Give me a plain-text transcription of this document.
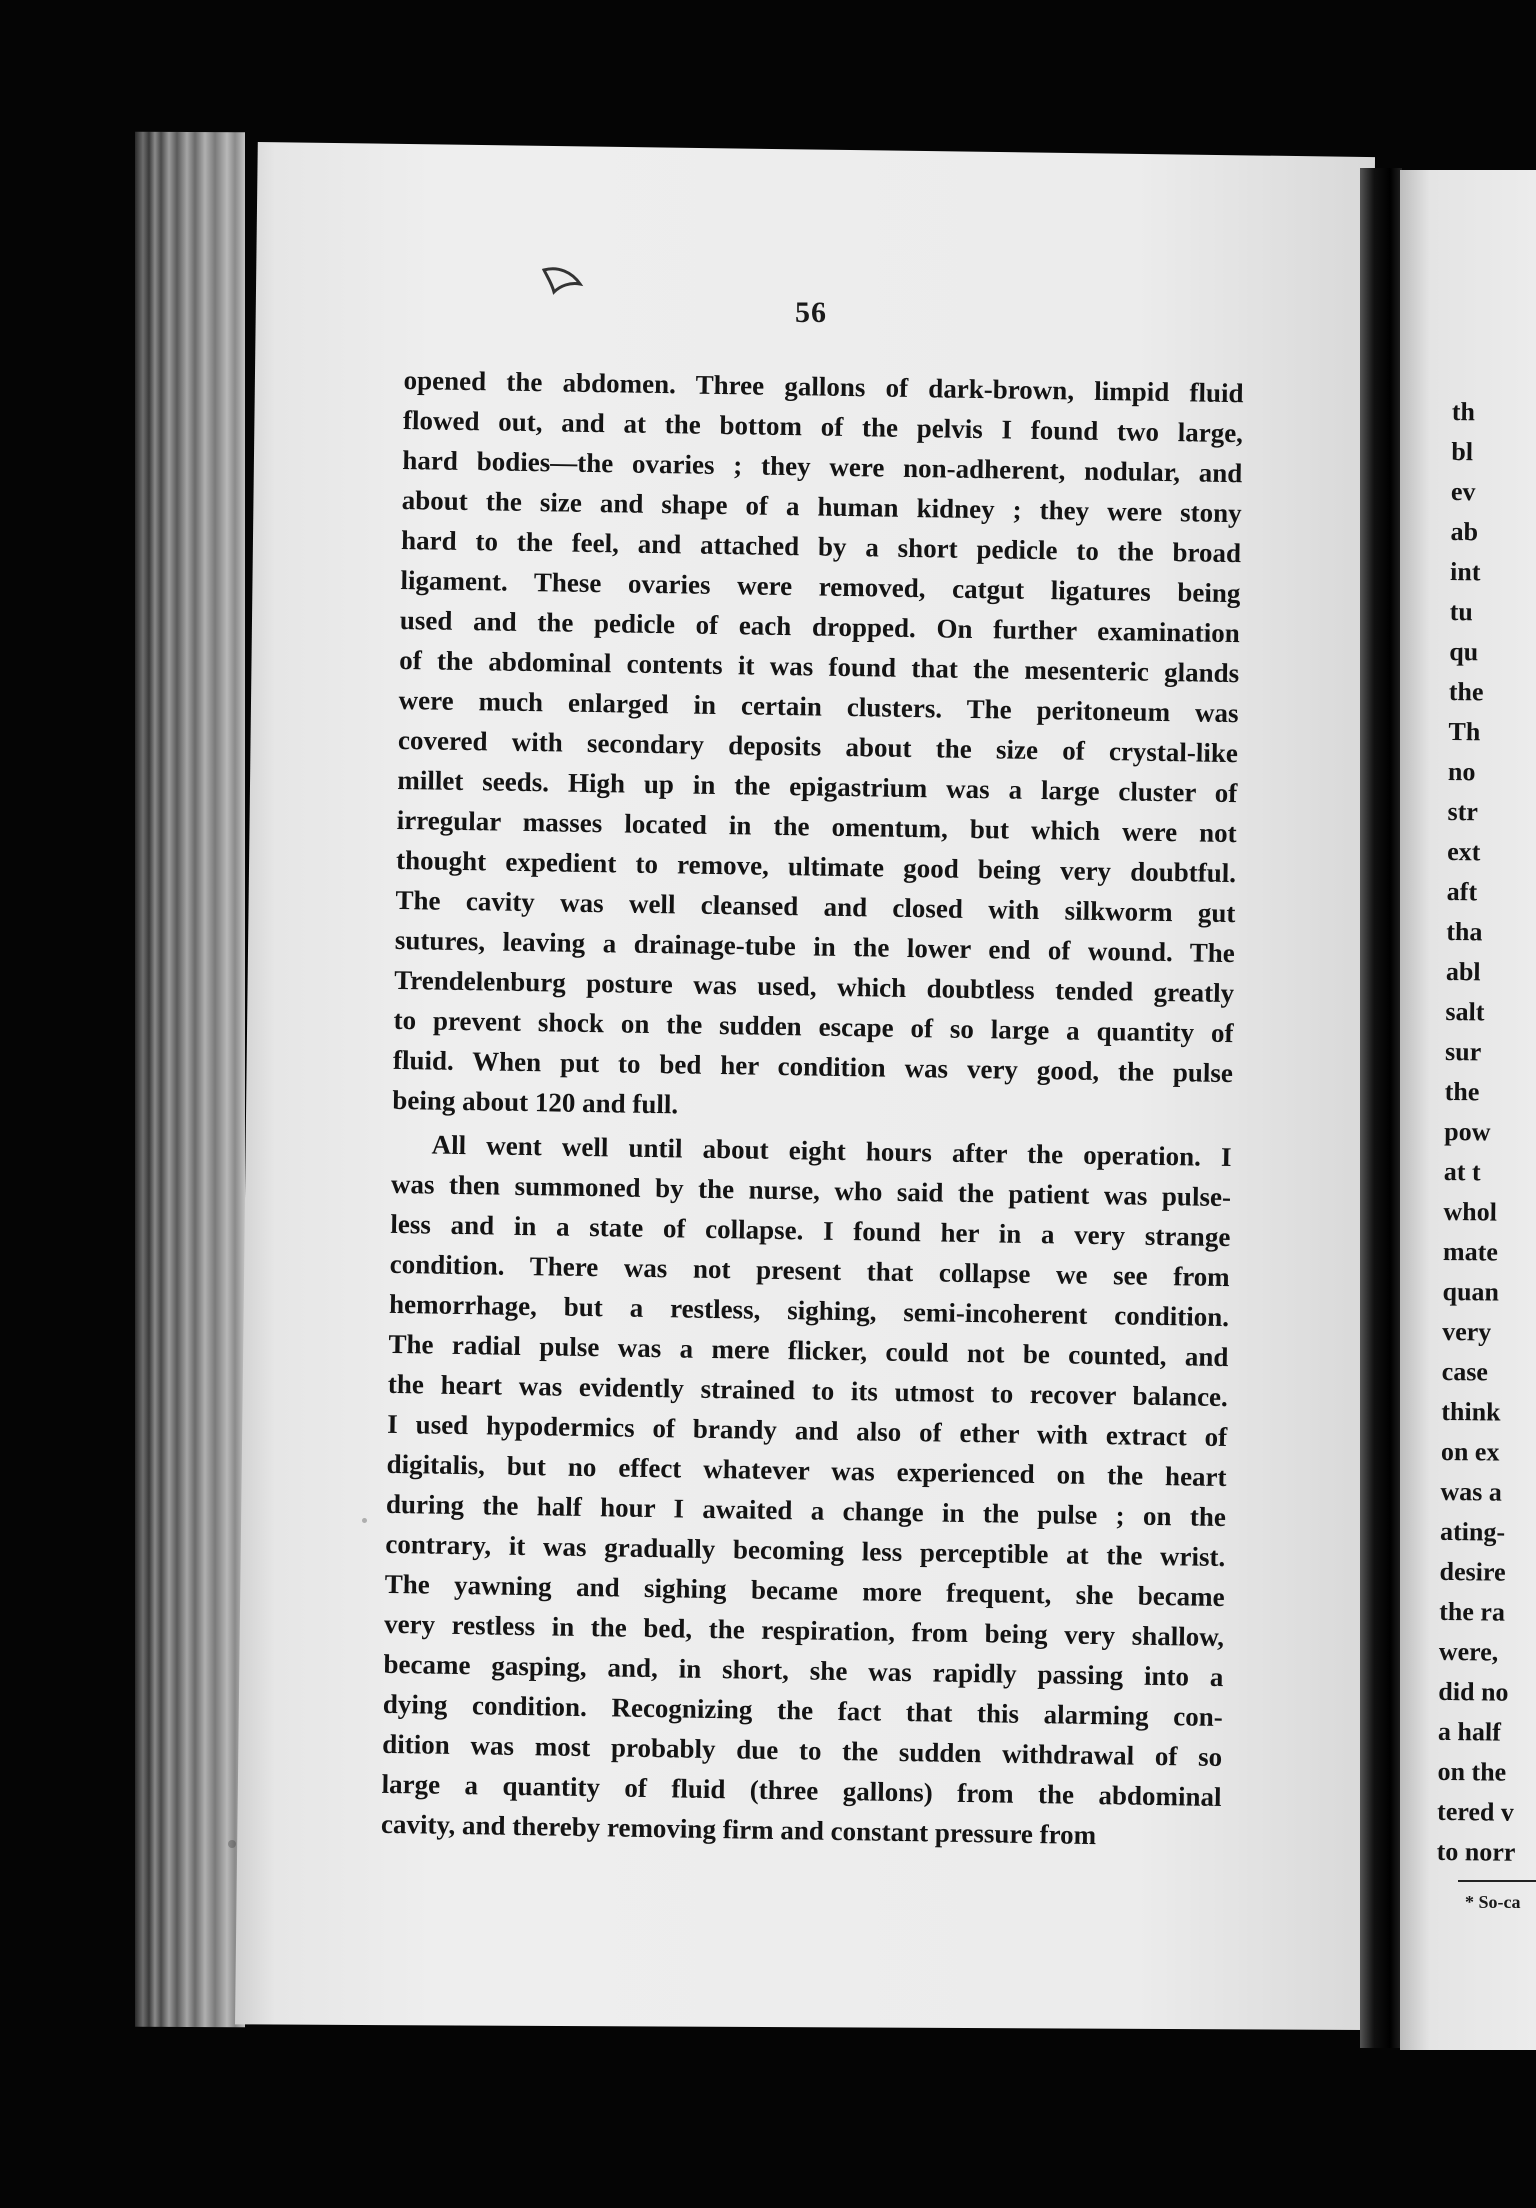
56
opened the abdomen. Three gallons of dark-brown, limpid fluid
flowed out, and at the bottom of the pelvis I found two large,
hard bodies—the ovaries ; they were non-adherent, nodular, and
about the size and shape of a human kidney ; they were stony
hard to the feel, and attached by a short pedicle to the broad
ligament. These ovaries were removed, catgut ligatures being
used and the pedicle of each dropped. On further examination
of the abdominal contents it was found that the mesenteric glands
were much enlarged in certain clusters. The peritoneum was
covered with secondary deposits about the size of crystal-like
millet seeds. High up in the epigastrium was a large cluster of
irregular masses located in the omentum, but which were not
thought expedient to remove, ultimate good being very doubtful.
The cavity was well cleansed and closed with silkworm gut
sutures, leaving a drainage-tube in the lower end of wound. The
Trendelenburg posture was used, which doubtless tended greatly
to prevent shock on the sudden escape of so large a quantity of
fluid. When put to bed her condition was very good, the pulse
being about 120 and full.
All went well until about eight hours after the operation. I
was then summoned by the nurse, who said the patient was pulse-
less and in a state of collapse. I found her in a very strange
condition. There was not present that collapse we see from
hemorrhage, but a restless, sighing, semi-incoherent condition.
The radial pulse was a mere flicker, could not be counted, and
the heart was evidently strained to its utmost to recover balance.
I used hypodermics of brandy and also of ether with extract of
digitalis, but no effect whatever was experienced on the heart
during the half hour I awaited a change in the pulse ; on the
contrary, it was gradually becoming less perceptible at the wrist.
The yawning and sighing became more frequent, she became
very restless in the bed, the respiration, from being very shallow,
became gasping, and, in short, she was rapidly passing into a
dying condition. Recognizing the fact that this alarming con-
dition was most probably due to the sudden withdrawal of so
large a quantity of fluid (three gallons) from the abdominal
cavity, and thereby removing firm and constant pressure from
th
bl
ev
ab
int
tu
qu
the
Th
no
str
ext
aft
tha
abl
salt
sur
the
pow
at t
whol
mate
quan
very
case
think
on ex
was a
ating-
desire
the ra
were,
did no
a half
on the
tered v
to norr
* So-ca
